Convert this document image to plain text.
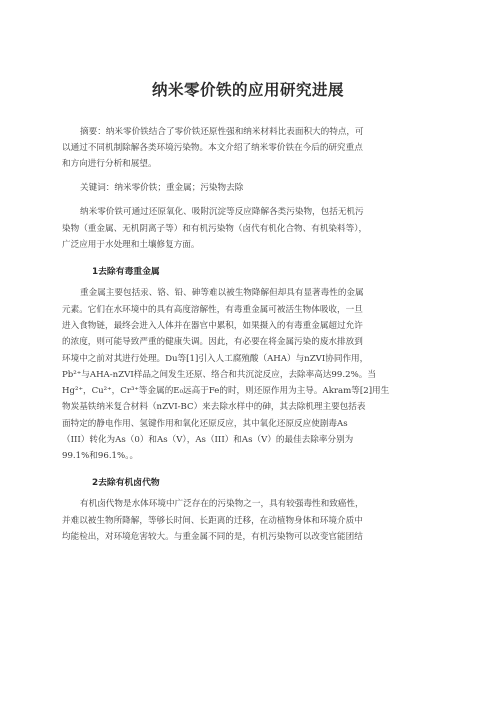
纳米零价铁的应用研究进展
摘要：纳米零价铁结合了零价铁还原性强和纳米材料比表面积大的特点，可
以通过不同机制除解各类环境污染物。本文介绍了纳米零价铁在今后的研究重点
和方向进行分析和展望。
关键词：纳米零价铁；重金属；污染物去除
纳米零价铁可通过还原氧化、吸附沉淀等反应降解各类污染物，包括无机污
染物（重金属、无机阴离子等）和有机污染物（卤代有机化合物、有机染料等），
广泛应用于水处理和土壤修复方面。
1去除有毒重金属
重金属主要包括汞、铬、铅、砷等难以被生物降解但却具有显著毒性的金属
元素。它们在水环境中的具有高度溶解性，有毒重金属可被活生物体吸收，一旦
进入食物链，最终会进入人体并在器官中累积，如果摄入的有毒重金属超过允许
的浓度，则可能导致严重的健康失调。因此，有必要在将金属污染的废水排放到
环境中之前对其进行处理。Du等[1]引入人工腐殖酸（AHA）与nZVI协同作用，
Pb²⁺与AHA-nZVI样品之间发生还原、络合和共沉淀反应，去除率高达99.2%。当
Hg²⁺，Cu²⁺，Cr³⁺等金属的E₀远高于Fe的时，则还原作用为主导。Akram等[2]用生
物炭基铁纳米复合材料（nZVI-BC）来去除水样中的砷，其去除机理主要包括表
面特定的静电作用、氢键作用和氧化还原反应，其中氧化还原反应使剧毒As
（III）转化为As（0）和As（V），As（III）和As（V）的最佳去除率分别为
99.1%和96.1%。。
2去除有机卤代物
有机卤代物是水体环境中广泛存在的污染物之一，具有较强毒性和致癌性，
并难以被生物所降解，等够长时间、长距离的迁移，在动植物身体和环境介质中
均能检出，对环境危害较大。与重金属不同的是，有机污染物可以改变官能团结
